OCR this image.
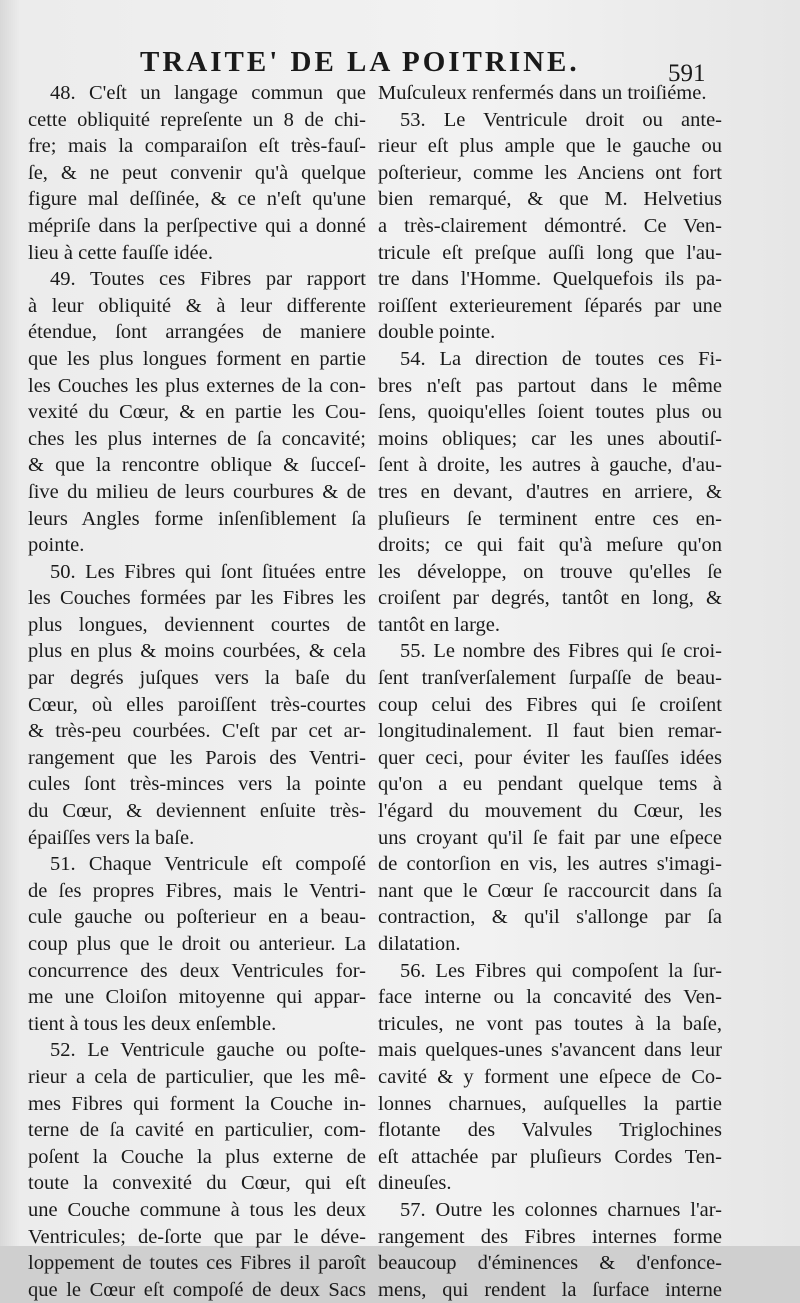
TRAITE' DE LA POITRINE.	591
48. C'eſt un langage commun que
cette obliquité repreſente un 8 de chi-
fre; mais la comparaiſon eſt très-fauſ-
ſe, & ne peut convenir qu'à quelque
figure mal deſſinée, & ce n'eſt qu'une
mépriſe dans la perſpective qui a donné
lieu à cette fauſſe idée.
49. Toutes ces Fibres par rapport
à leur obliquité & à leur differente
étendue, ſont arrangées de maniere
que les plus longues forment en partie
les Couches les plus externes de la con-
vexité du Cœur, & en partie les Cou-
ches les plus internes de ſa concavité;
& que la rencontre oblique & ſucceſ-
ſive du milieu de leurs courbures & de
leurs Angles forme inſenſiblement ſa
pointe.
50. Les Fibres qui ſont ſituées entre
les Couches formées par les Fibres les
plus longues, deviennent courtes de
plus en plus & moins courbées, & cela
par degrés juſques vers la baſe du
Cœur, où elles paroiſſent très-courtes
& très-peu courbées. C'eſt par cet ar-
rangement que les Parois des Ventri-
cules ſont très-minces vers la pointe
du Cœur, & deviennent enſuite très-
épaiſſes vers la baſe.
51. Chaque Ventricule eſt compoſé
de ſes propres Fibres, mais le Ventri-
cule gauche ou poſterieur en a beau-
coup plus que le droit ou anterieur. La
concurrence des deux Ventricules for-
me une Cloiſon mitoyenne qui appar-
tient à tous les deux enſemble.
52. Le Ventricule gauche ou poſte-
rieur a cela de particulier, que les mê-
mes Fibres qui forment la Couche in-
terne de ſa cavité en particulier, com-
poſent la Couche la plus externe de
toute la convexité du Cœur, qui eſt
une Couche commune à tous les deux
Ventricules; de-ſorte que par le déve-
loppement de toutes ces Fibres il paroît
que le Cœur eſt compoſé de deux Sacs
Muſculeux renfermés dans un troiſiéme.
53. Le Ventricule droit ou ante-
rieur eſt plus ample que le gauche ou
poſterieur, comme les Anciens ont fort
bien remarqué, & que M. Helvetius
a très-clairement démontré. Ce Ven-
tricule eſt preſque auſſi long que l'au-
tre dans l'Homme. Quelquefois ils pa-
roiſſent exterieurement ſéparés par une
double pointe.
54. La direction de toutes ces Fi-
bres n'eſt pas partout dans le même
ſens, quoiqu'elles ſoient toutes plus ou
moins obliques; car les unes aboutiſ-
ſent à droite, les autres à gauche, d'au-
tres en devant, d'autres en arriere, &
pluſieurs ſe terminent entre ces en-
droits; ce qui fait qu'à meſure qu'on
les développe, on trouve qu'elles ſe
croiſent par degrés, tantôt en long, &
tantôt en large.
55. Le nombre des Fibres qui ſe croi-
ſent tranſverſalement ſurpaſſe de beau-
coup celui des Fibres qui ſe croiſent
longitudinalement. Il faut bien remar-
quer ceci, pour éviter les fauſſes idées
qu'on a eu pendant quelque tems à
l'égard du mouvement du Cœur, les
uns croyant qu'il ſe fait par une eſpece
de contorſion en vis, les autres s'imagi-
nant que le Cœur ſe raccourcit dans ſa
contraction, & qu'il s'allonge par ſa
dilatation.
56. Les Fibres qui compoſent la ſur-
face interne ou la concavité des Ven-
tricules, ne vont pas toutes à la baſe,
mais quelques-unes s'avancent dans leur
cavité & y forment une eſpece de Co-
lonnes charnues, auſquelles la partie
flotante des Valvules Triglochines
eſt attachée par pluſieurs Cordes Ten-
dineuſes.
57. Outre les colonnes charnues l'ar-
rangement des Fibres internes forme
beaucoup d'éminences & d'enfonce-
mens, qui rendent la ſurface interne
